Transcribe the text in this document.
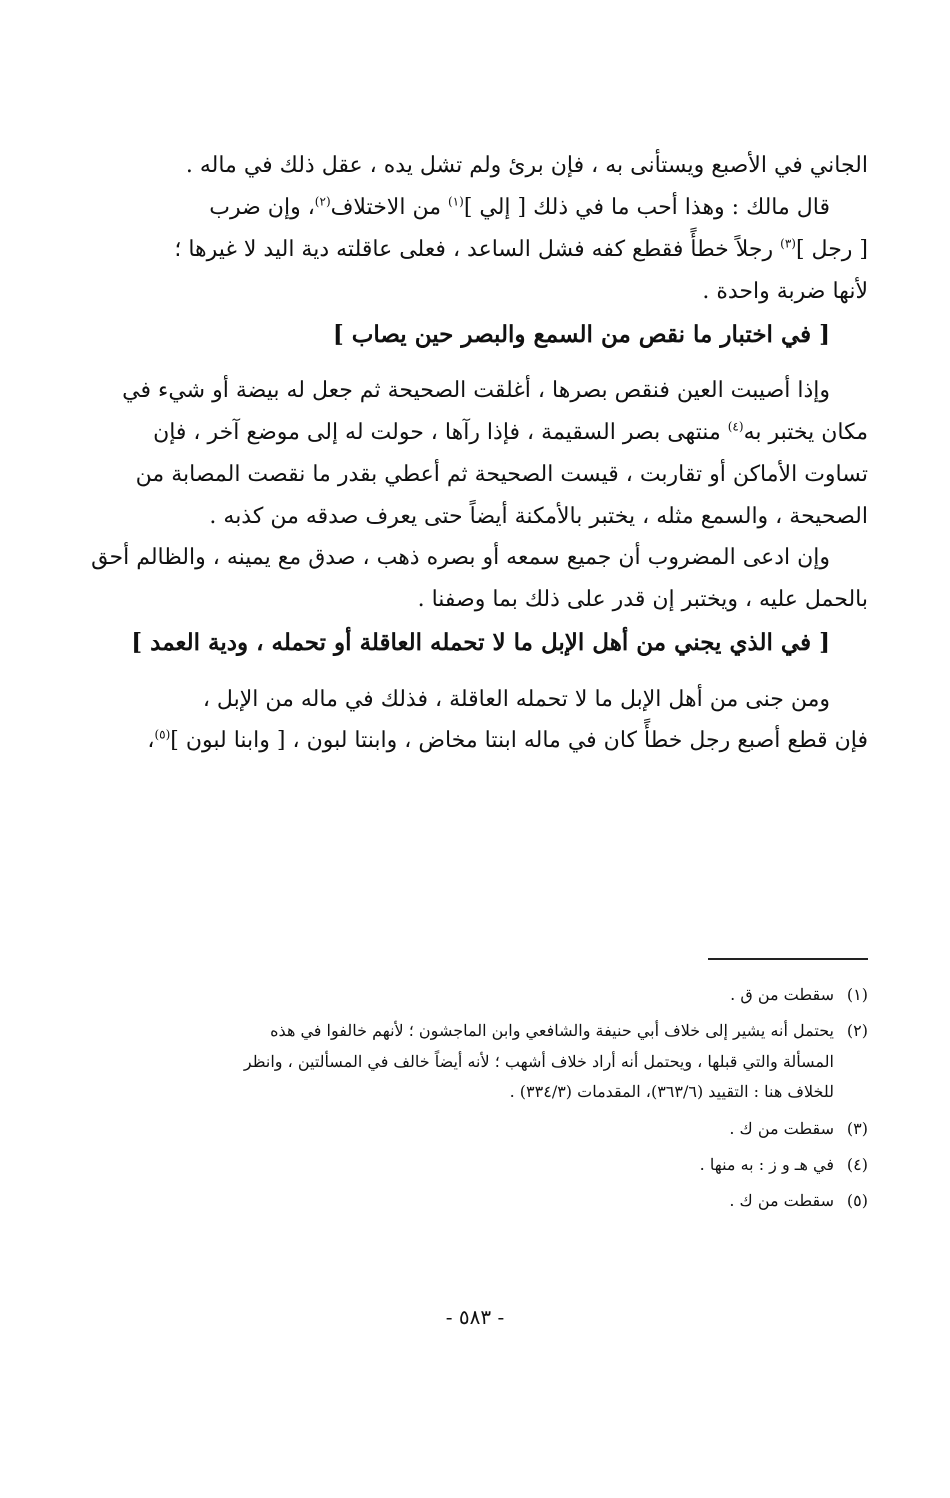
الجاني في الأصبع ويستأنى به ، فإن برئ ولم تشل يده ، عقل ذلك في ماله .

قال مالك : وهذا أحب ما في ذلك [ إلي ]$^{(١)}$ من الاختلاف$^{(٢)}$، وإن ضرب
[ رجل ]$^{(٣)}$ رجلاً خطأً فقطع كفه فشل الساعد ، فعلى عاقلته دية اليد لا غيرها ؛
لأنها ضربة واحدة .

[ في اختبار ما نقص من السمع والبصر حين يصاب ]

وإذا أصيبت العين فنقص بصرها ، أغلقت الصحيحة ثم جعل له بيضة أو شيء في
مكان يختبر به$^{(٤)}$ منتهى بصر السقيمة ، فإذا رآها ، حولت له إلى موضع آخر ، فإن
تساوت الأماكن أو تقاربت ، قيست الصحيحة ثم أعطي بقدر ما نقصت المصابة من
الصحيحة ، والسمع مثله ، يختبر بالأمكنة أيضاً حتى يعرف صدقه من كذبه .

وإن ادعى المضروب أن جميع سمعه أو بصره ذهب ، صدق مع يمينه ، والظالم أحق
بالحمل عليه ، ويختبر إن قدر على ذلك بما وصفنا .

[ في الذي يجني من أهل الإبل ما لا تحمله العاقلة أو تحمله ، ودية العمد ]

ومن جنى من أهل الإبل ما لا تحمله العاقلة ، فذلك في ماله من الإبل ،
فإن قطع أصبع رجل خطأً كان في ماله ابنتا مخاض ، وابنتا لبون ، [ وابنا لبون ]$^{(٥)}$،

(١)
سقطت من ق .
(٢)
يحتمل أنه يشير إلى خلاف أبي حنيفة والشافعي وابن الماجشون ؛ لأنهم خالفوا في هذه
المسألة والتي قبلها ، ويحتمل أنه أراد خلاف أشهب ؛ لأنه أيضاً خالف في المسألتين ، وانظر
للخلاف هنا : التقييد (٣٦٣/٦)، المقدمات (٣٣٤/٣) .
(٣)
سقطت من ك .
(٤)
في هـ و ز : به منها .
(٥)
سقطت من ك .
- ٥٨٣ -
